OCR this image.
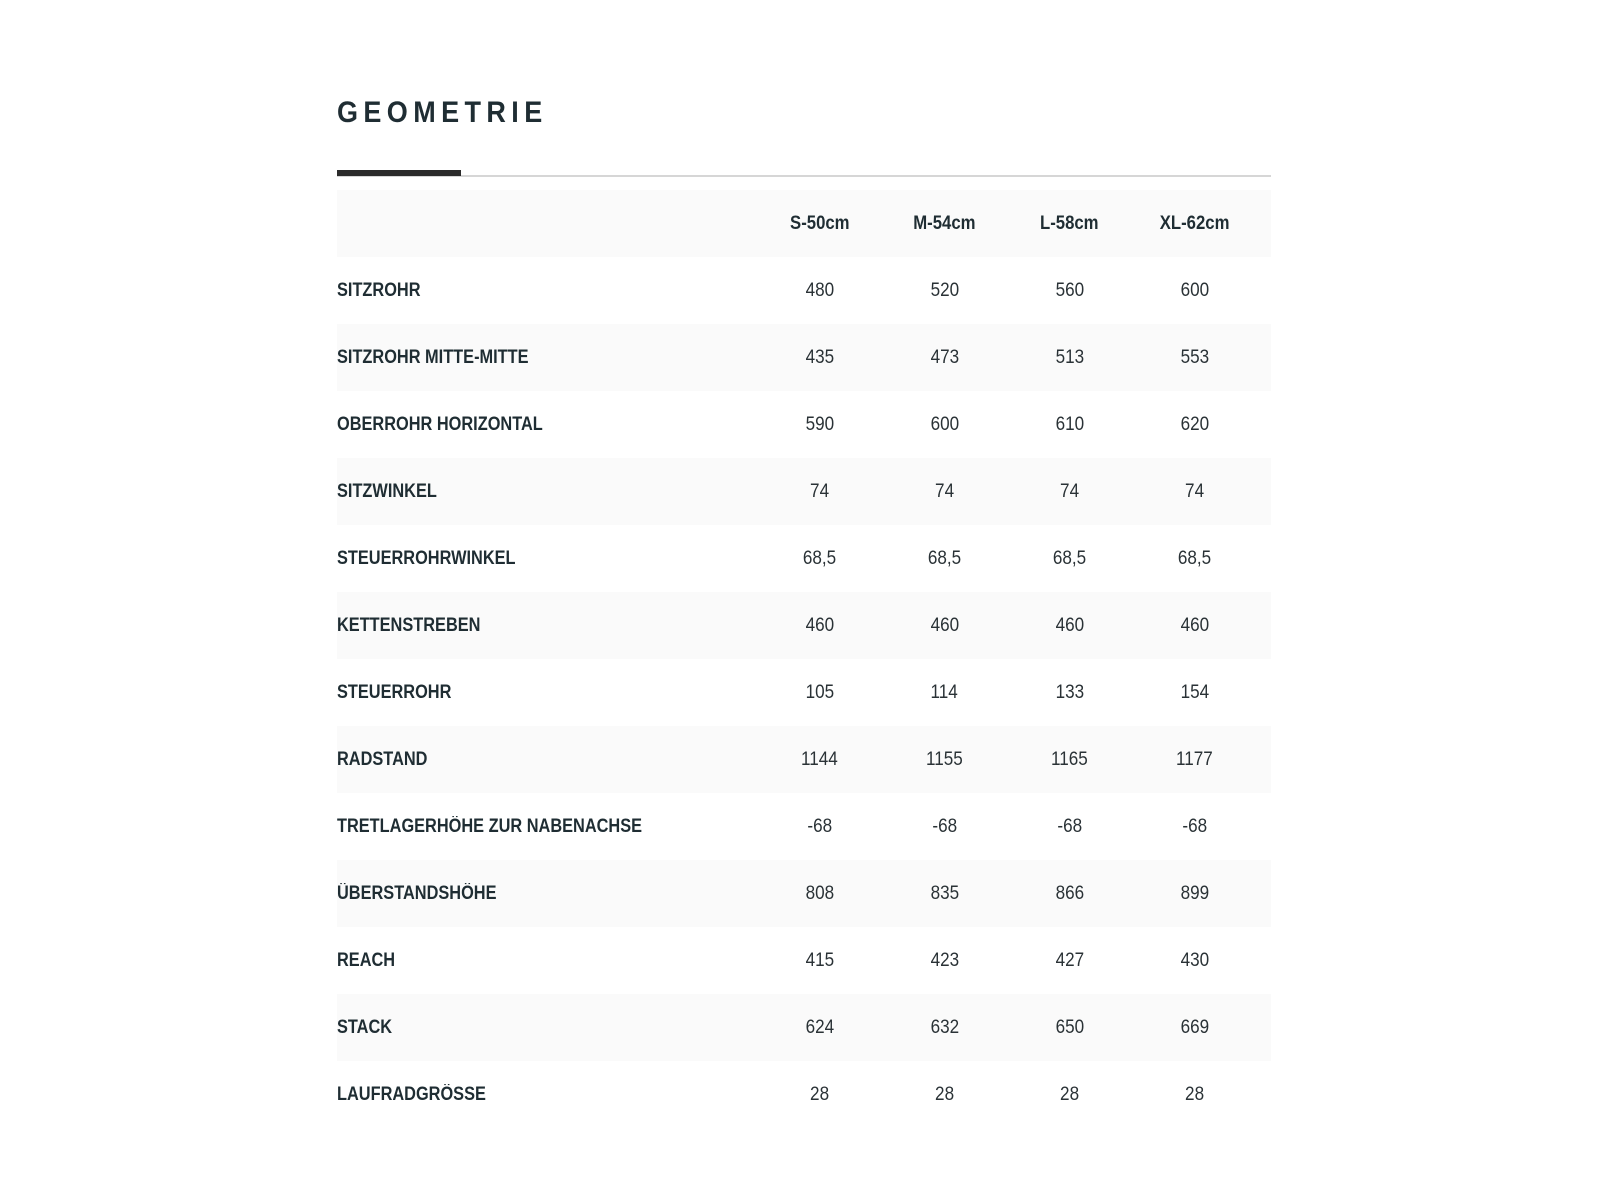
GEOMETRIE
	S-50cm	M-54cm	L-58cm	XL-62cm	
SITZROHR	480	520	560	600	
SITZROHR MITTE-MITTE	435	473	513	553	
OBERROHR HORIZONTAL	590	600	610	620	
SITZWINKEL	74	74	74	74	
STEUERROHRWINKEL	68,5	68,5	68,5	68,5	
KETTENSTREBEN	460	460	460	460	
STEUERROHR	105	114	133	154	
RADSTAND	1144	1155	1165	1177	
TRETLAGERHÖHE ZUR NABENACHSE	-68	-68	-68	-68	
ÜBERSTANDSHÖHE	808	835	866	899	
REACH	415	423	427	430	
STACK	624	632	650	669	
LAUFRADGRÖSSE	28	28	28	28	
